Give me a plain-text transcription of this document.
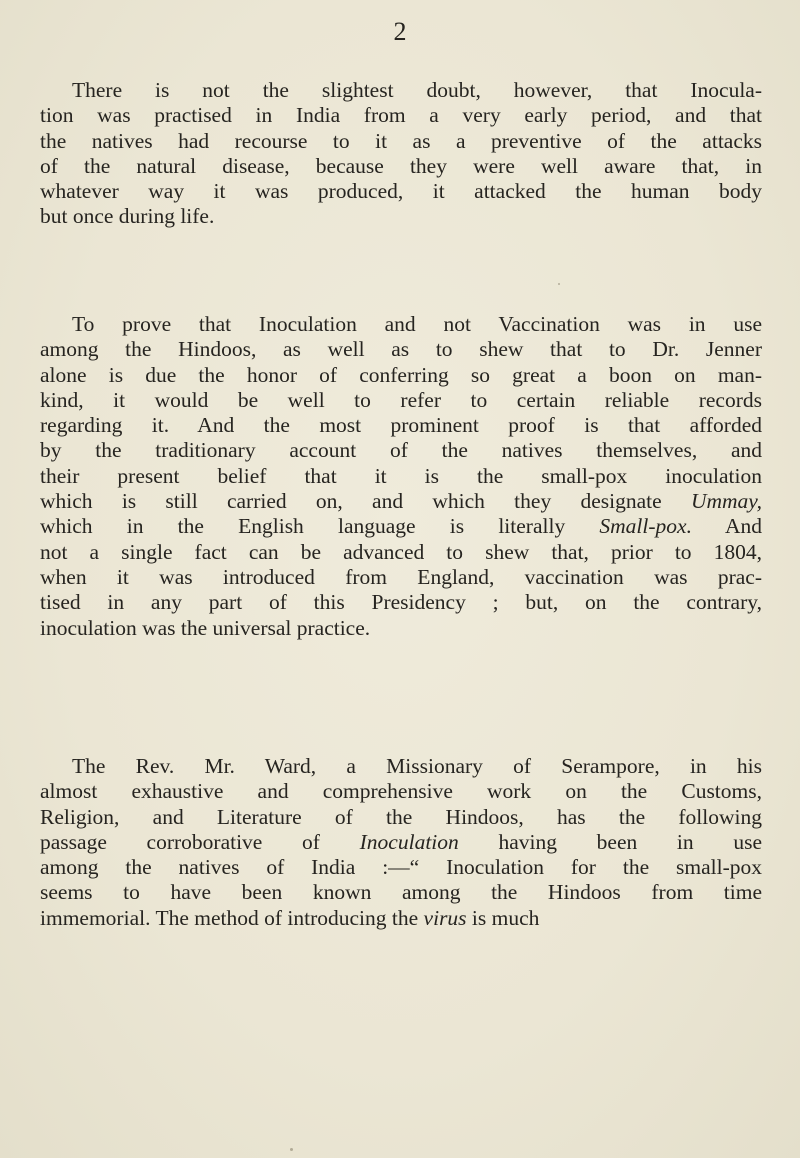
2
There is not the slightest doubt, however, that Inocula-
tion was practised in India from a very early period, and that
the natives had recourse to it as a preventive of the attacks
of the natural disease, because they were well aware that, in
whatever way it was produced, it attacked the human body
but once during life.
To prove that Inoculation and not Vaccination was in use
among the Hindoos, as well as to shew that to Dr. Jenner
alone is due the honor of conferring so great a boon on man-
kind, it would be well to refer to certain reliable records
regarding it. And the most prominent proof is that afforded
by the traditionary account of the natives themselves, and
their present belief that it is the small-pox inoculation
which is still carried on, and which they designate Ummay,
which in the English language is literally Small-pox. And
not a single fact can be advanced to shew that, prior to 1804,
when it was introduced from England, vaccination was prac-
tised in any part of this Presidency ; but, on the contrary,
inoculation was the universal practice.
The Rev. Mr. Ward, a Missionary of Serampore, in his
almost exhaustive and comprehensive work on the Customs,
Religion, and Literature of the Hindoos, has the following
passage corroborative of Inoculation having been in use
among the natives of India :—“ Inoculation for the small-pox
seems to have been known among the Hindoos from time
immemorial. The method of introducing the virus is much
